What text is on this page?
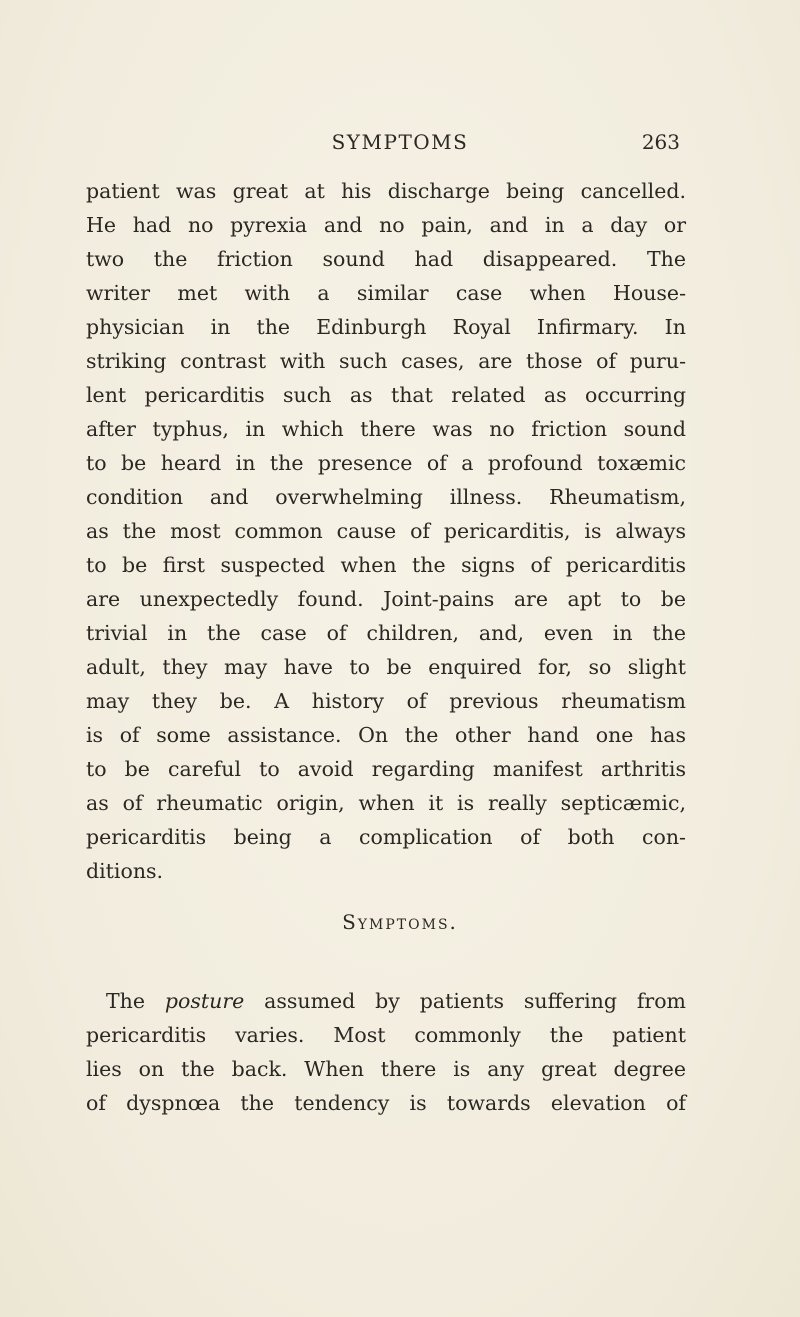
SYMPTOMS	263
patient was great at his discharge being cancelled.
He had no pyrexia and no pain, and in a day or
two the friction sound had disappeared. The
writer met with a similar case when House-
physician in the Edinburgh Royal Infirmary. In
striking contrast with such cases, are those of puru-
lent pericarditis such as that related as occurring
after typhus, in which there was no friction sound
to be heard in the presence of a profound toxæmic
condition and overwhelming illness. Rheumatism,
as the most common cause of pericarditis, is always
to be first suspected when the signs of pericarditis
are unexpectedly found. Joint-pains are apt to be
trivial in the case of children, and, even in the
adult, they may have to be enquired for, so slight
may they be. A history of previous rheumatism
is of some assistance. On the other hand one has
to be careful to avoid regarding manifest arthritis
as of rheumatic origin, when it is really septicæmic,
pericarditis being a complication of both con-
ditions.
Symptoms.
The posture assumed by patients suffering from
pericarditis varies. Most commonly the patient
lies on the back. When there is any great degree
of dyspnœa the tendency is towards elevation of
